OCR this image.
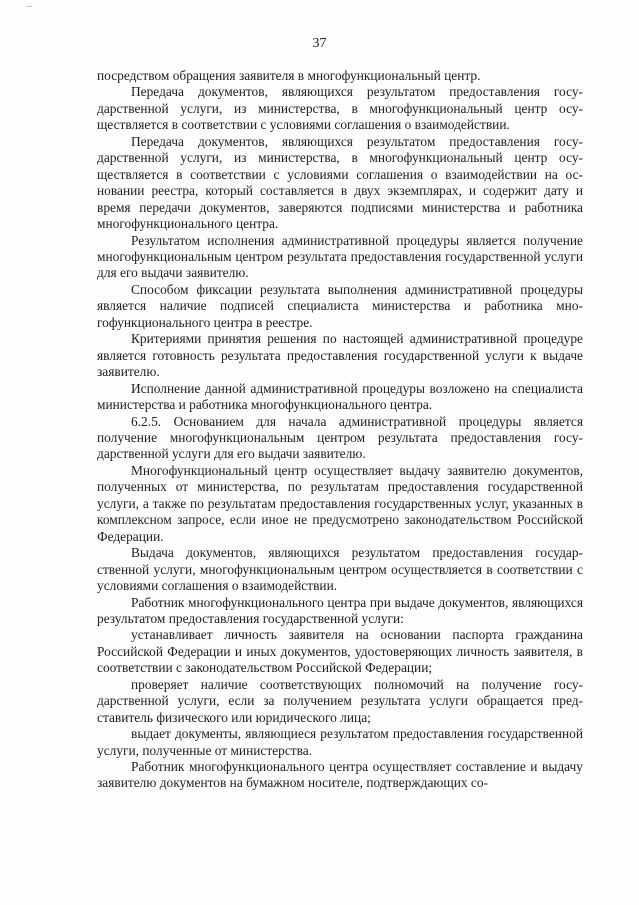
37

посредством обращения заявителя в многофункциональный центр.

Передача документов, являющихся результатом предоставления государственной услуги, из министерства, в многофункциональный центр осуществляется в соответствии с условиями соглашения о взаимодействии.

Передача документов, являющихся результатом предоставления государственной услуги, из министерства, в многофункциональный центр осуществляется в соответствии с условиями соглашения о взаимодействии на основании реестра, который составляется в двух экземплярах, и содержит дату и время передачи документов, заверяются подписями министерства и работника многофункционального центра.

Результатом исполнения административной процедуры является получение многофункциональным центром результата предоставления государственной услуги для его выдачи заявителю.

Способом фиксации результата выполнения административной процедуры является наличие подписей специалиста министерства и работника многофункционального центра в реестре.

Критериями принятия решения по настоящей административной процедуре является готовность результата предоставления государственной услуги к выдаче заявителю.

Исполнение данной административной процедуры возложено на специалиста министерства и работника многофункционального центра.

6.2.5. Основанием для начала административной процедуры является получение многофункциональным центром результата предоставления государственной услуги для его выдачи заявителю.

Многофункциональный центр осуществляет выдачу заявителю документов, полученных от министерства, по результатам предоставления государственной услуги, а также по результатам предоставления государственных услуг, указанных в комплексном запросе, если иное не предусмотрено законодательством Российской Федерации.

Выдача документов, являющихся результатом предоставления государственной услуги, многофункциональным центром осуществляется в соответствии с условиями соглашения о взаимодействии.

Работник многофункционального центра при выдаче документов, являющихся результатом предоставления государственной услуги:

устанавливает личность заявителя на основании паспорта гражданина Российской Федерации и иных документов, удостоверяющих личность заявителя, в соответствии с законодательством Российской Федерации;

проверяет наличие соответствующих полномочий на получение государственной услуги, если за получением результата услуги обращается представитель физического или юридического лица;

выдает документы, являющиеся результатом предоставления государственной услуги, полученные от министерства.

Работник многофункционального центра осуществляет составление и выдачу заявителю документов на бумажном носителе, подтверждающих со-
